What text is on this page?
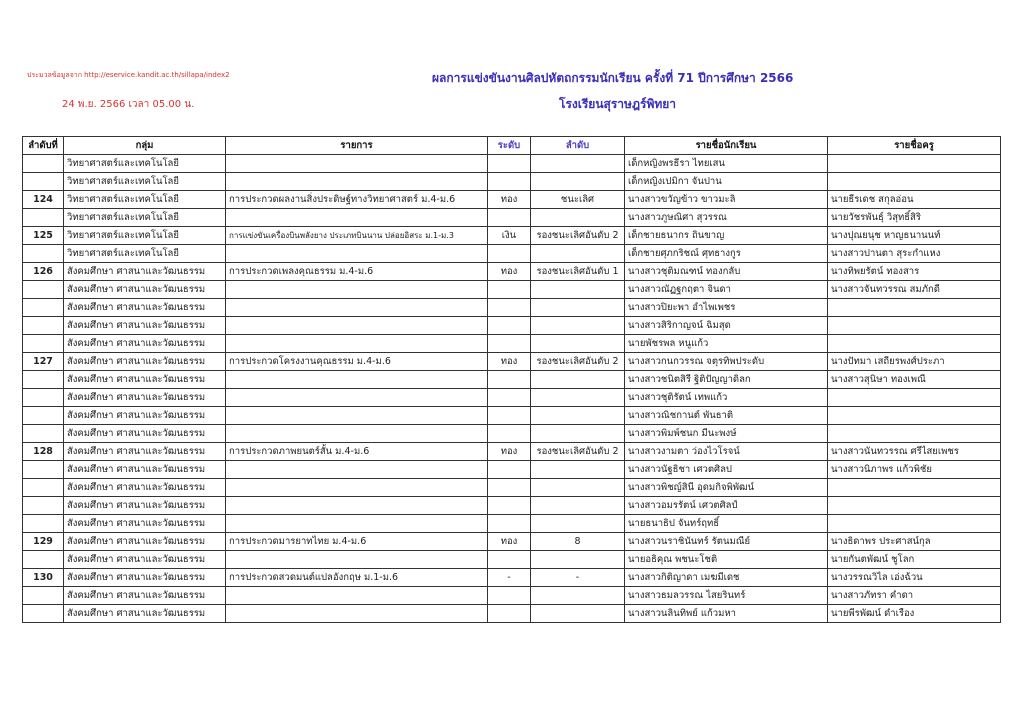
ประมวลข้อมูลจาก http://eservice.kandit.ac.th/sillapa/index2
24 พ.ย. 2566 เวลา 05.00 น.
ผลการแข่งขันงานศิลปหัตถกรรมนักเรียน ครั้งที่ 71 ปีการศึกษา 2566
โรงเรียนสุราษฎร์พิทยา
ลำดับที่	กลุ่ม	รายการ	ระดับ	ลำดับ	รายชื่อนักเรียน	รายชื่อครู
	วิทยาศาสตร์และเทคโนโลยี				เด็กหญิงพรธีรา ไทยเสน	
	วิทยาศาสตร์และเทคโนโลยี				เด็กหญิงเปมิกา จันปาน	
124	วิทยาศาสตร์และเทคโนโลยี	การประกวดผลงานสิ่งประดิษฐ์ทางวิทยาศาสตร์ ม.4-ม.6	ทอง	ชนะเลิศ	นางสาวขวัญข้าว ขาวมะลิ	นายธีรเดช สกุลอ่อน
	วิทยาศาสตร์และเทคโนโลยี				นางสาวภูษณิศา สุวรรณ	นายวัชรพันธุ์ วิสุทธิ์สิริ
125	วิทยาศาสตร์และเทคโนโลยี	การแข่งขันเครื่องบินพลังยาง ประเภทบินนาน ปล่อยอิสระ ม.1-ม.3	เงิน	รองชนะเลิศอันดับ 2	เด็กชายธนากร ถินขาญ	นางปุณยนุช หาญธนานนท์
	วิทยาศาสตร์และเทคโนโลยี				เด็กชายศุภกริชณ์ ศุทธางกูร	นางสาวปานตา สุระกำแหง
126	สังคมศึกษา ศาสนาและวัฒนธรรม	การประกวดเพลงคุณธรรม ม.4-ม.6	ทอง	รองชนะเลิศอันดับ 1	นางสาวชุติมณฑน์ ทองกลับ	นางทิพยรัตน์ ทองสาร
	สังคมศึกษา ศาสนาและวัฒนธรรม				นางสาวณัฏฐกฤตา จินดา	นางสาวจันทวรรณ สมภักดี
	สังคมศึกษา ศาสนาและวัฒนธรรม				นางสาวปิยะพา อำไพเพชร	
	สังคมศึกษา ศาสนาและวัฒนธรรม				นางสาวสิริกาญจน์ ฉิมสุด	
	สังคมศึกษา ศาสนาและวัฒนธรรม				นายพัชรพล หนูแก้ว	
127	สังคมศึกษา ศาสนาและวัฒนธรรม	การประกวดโครงงานคุณธรรม ม.4-ม.6	ทอง	รองชนะเลิศอันดับ 2	นางสาวกนกวรรณ จตุรทิพประดับ	นางปัทมา เสถียรพงศ์ประภา
	สังคมศึกษา ศาสนาและวัฒนธรรม				นางสาวชนิตสิรี ฐิติปัญญาดิลก	นางสาวสุนิษา ทองเพณี
	สังคมศึกษา ศาสนาและวัฒนธรรม				นางสาวชุติรัตน์ เทพแก้ว	
	สังคมศึกษา ศาสนาและวัฒนธรรม				นางสาวณิชกานต์ พันธาติ	
	สังคมศึกษา ศาสนาและวัฒนธรรม				นางสาวพิมพ์ชนก มีนะพงษ์	
128	สังคมศึกษา ศาสนาและวัฒนธรรม	การประกวดภาพยนตร์สั้น ม.4-ม.6	ทอง	รองชนะเลิศอันดับ 2	นางสาวงามตา ว่องไวโรจน์	นางสาวนันทวรรณ ศรีไสยเพชร
	สังคมศึกษา ศาสนาและวัฒนธรรม				นางสาวนัฐธิชา เศวตศิลป	นางสาวนิภาพร แก้วพิชัย
	สังคมศึกษา ศาสนาและวัฒนธรรม				นางสาวพิชญ์สินี อุดมกิจพิพัฒน์	
	สังคมศึกษา ศาสนาและวัฒนธรรม				นางสาวอมรรัตน์ เศวตศิลป์	
	สังคมศึกษา ศาสนาและวัฒนธรรม				นายธนาธิป จันทร์ฤทธิ์	
129	สังคมศึกษา ศาสนาและวัฒนธรรม	การประกวดมารยาทไทย ม.4-ม.6	ทอง	8	นางสาวนราชินันทร์ รัตนมณีย์	นางธิดาพร ประศาสน์กุล
	สังคมศึกษา ศาสนาและวัฒนธรรม				นายอธิคุณ พชนะโชติ	นายกันตพัฒน์ ชูโลก
130	สังคมศึกษา ศาสนาและวัฒนธรรม	การประกวดสวดมนต์แปลอังกฤษ ม.1-ม.6	-	-	นางสาวกิติญาดา เมฆมีเดช	นางวรรณวิไล เอ่งฉ้วน
	สังคมศึกษา ศาสนาและวัฒนธรรม				นางสาวธมลวรรณ ไสยรินทร์	นางสาวภัทรา คำดา
	สังคมศึกษา ศาสนาและวัฒนธรรม				นางสาวนลินทิพย์ แก้วมหา	นายพีรพัฒน์ ดำเรือง
